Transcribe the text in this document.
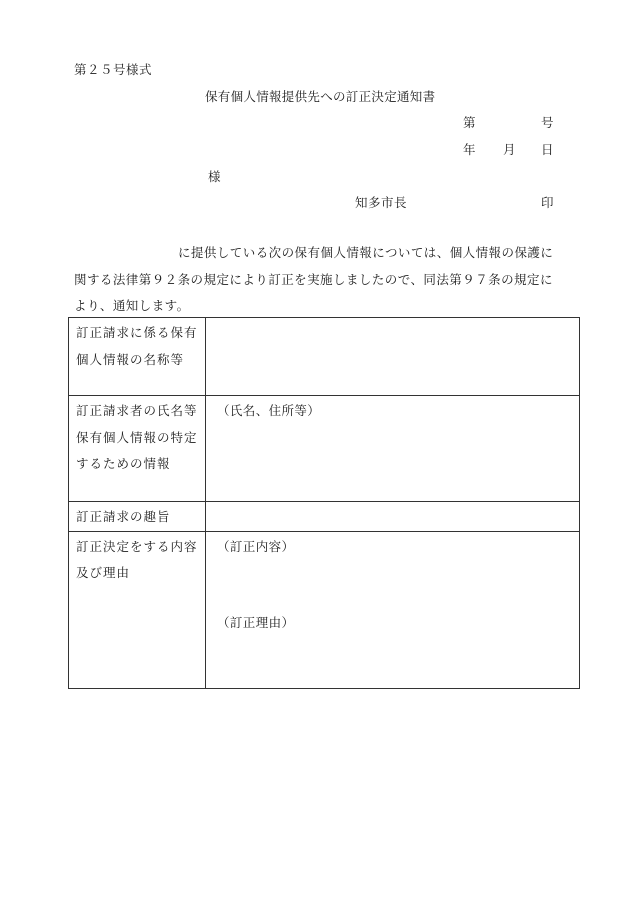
第２５号様式
保有個人情報提供先への訂正決定通知書
第	号
年 月 日
様
知多市長	印
に提供している次の保有個人情報については、個人情報の保護に
関する法律第９２条の規定により訂正を実施しましたので、同法第９７条の規定に
より、通知します。
訂正請求に係る保有個人情報の名称等	
訂正請求者の氏名等保有個人情報の特定するための情報	（氏名、住所等）
訂正請求の趣旨	
訂正決定をする内容及び理由	（訂正内容）
（訂正理由）
